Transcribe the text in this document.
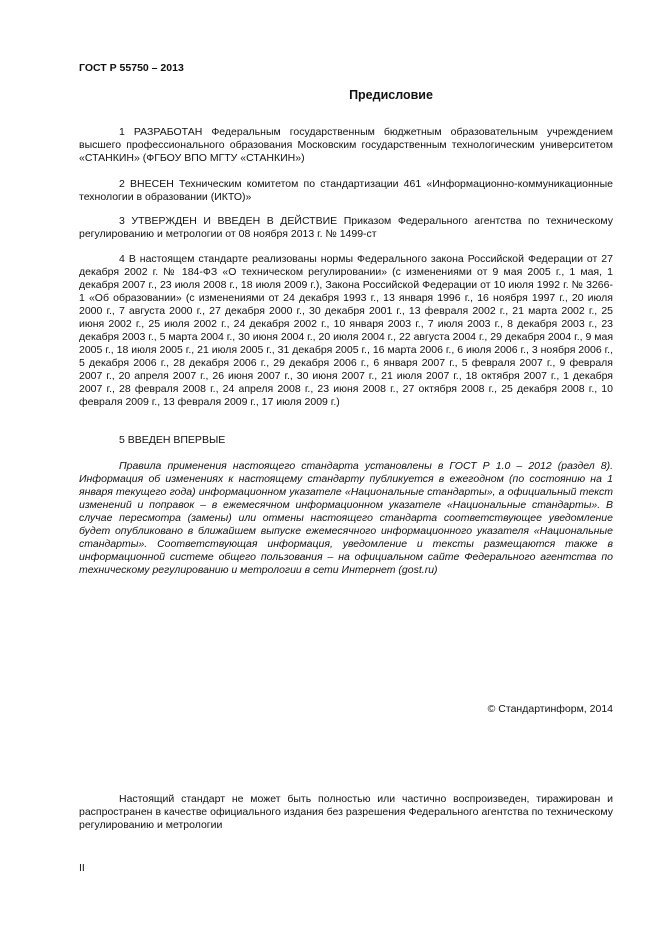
ГОСТ Р 55750 – 2013
Предисловие
1 РАЗРАБОТАН Федеральным государственным бюджетным образовательным учреждением высшего профессионального образования Московским государственным технологическим университетом «СТАНКИН» (ФГБОУ ВПО МГТУ «СТАНКИН»)
2 ВНЕСЕН Техническим комитетом по стандартизации 461 «Информационно-коммуникационные технологии в образовании (ИКТО)»
3 УТВЕРЖДЕН И ВВЕДЕН В ДЕЙСТВИЕ Приказом Федерального агентства по техническому регулированию и метрологии от 08 ноября 2013 г. № 1499-ст
4 В настоящем стандарте реализованы нормы Федерального закона Российской Федерации от 27 декабря 2002 г. № 184-ФЗ «О техническом регулировании» (с изменениями от 9 мая 2005 г., 1 мая, 1 декабря 2007 г., 23 июля 2008 г., 18 июля 2009 г.), Закона Российской Федерации от 10 июля 1992 г. № 3266-1 «Об образовании» (с изменениями от 24 декабря 1993 г., 13 января 1996 г., 16 ноября 1997 г., 20 июля 2000 г., 7 августа 2000 г., 27 декабря 2000 г., 30 декабря 2001 г., 13 февраля 2002 г., 21 марта 2002 г., 25 июня 2002 г., 25 июля 2002 г., 24 декабря 2002 г., 10 января 2003 г., 7 июля 2003 г., 8 декабря 2003 г., 23 декабря 2003 г., 5 марта 2004 г., 30 июня 2004 г., 20 июля 2004 г., 22 августа 2004 г., 29 декабря 2004 г., 9 мая 2005 г., 18 июля 2005 г., 21 июля 2005 г., 31 декабря 2005 г., 16 марта 2006 г., 6 июля 2006 г., 3 ноября 2006 г., 5 декабря 2006 г., 28 декабря 2006 г., 29 декабря 2006 г., 6 января 2007 г., 5 февраля 2007 г., 9 февраля 2007 г., 20 апреля 2007 г., 26 июня 2007 г., 30 июня 2007 г., 21 июля 2007 г., 18 октября 2007 г., 1 декабря 2007 г., 28 февраля 2008 г., 24 апреля 2008 г., 23 июня 2008 г., 27 октября 2008 г., 25 декабря 2008 г., 10 февраля 2009 г., 13 февраля 2009 г., 17 июля 2009 г.)
5 ВВЕДЕН ВПЕРВЫЕ
Правила применения настоящего стандарта установлены в ГОСТ Р 1.0 – 2012 (раздел 8). Информация об изменениях к настоящему стандарту публикуется в ежегодном (по состоянию на 1 января текущего года) информационном указателе «Национальные стандарты», а официальный текст изменений и поправок – в ежемесячном информационном указателе «Национальные стандарты». В случае пересмотра (замены) или отмены настоящего стандарта соответствующее уведомление будет опубликовано в ближайшем выпуске ежемесячного информационного указателя «Национальные стандарты». Соответствующая информация, уведомление и тексты размещаются также в информационной системе общего пользования – на официальном сайте Федерального агентства по техническому регулированию и метрологии в сети Интернет (gost.ru)
© Стандартинформ, 2014
Настоящий стандарт не может быть полностью или частично воспроизведен, тиражирован и распространен в качестве официального издания без разрешения Федерального агентства по техническому регулированию и метрологии
II
